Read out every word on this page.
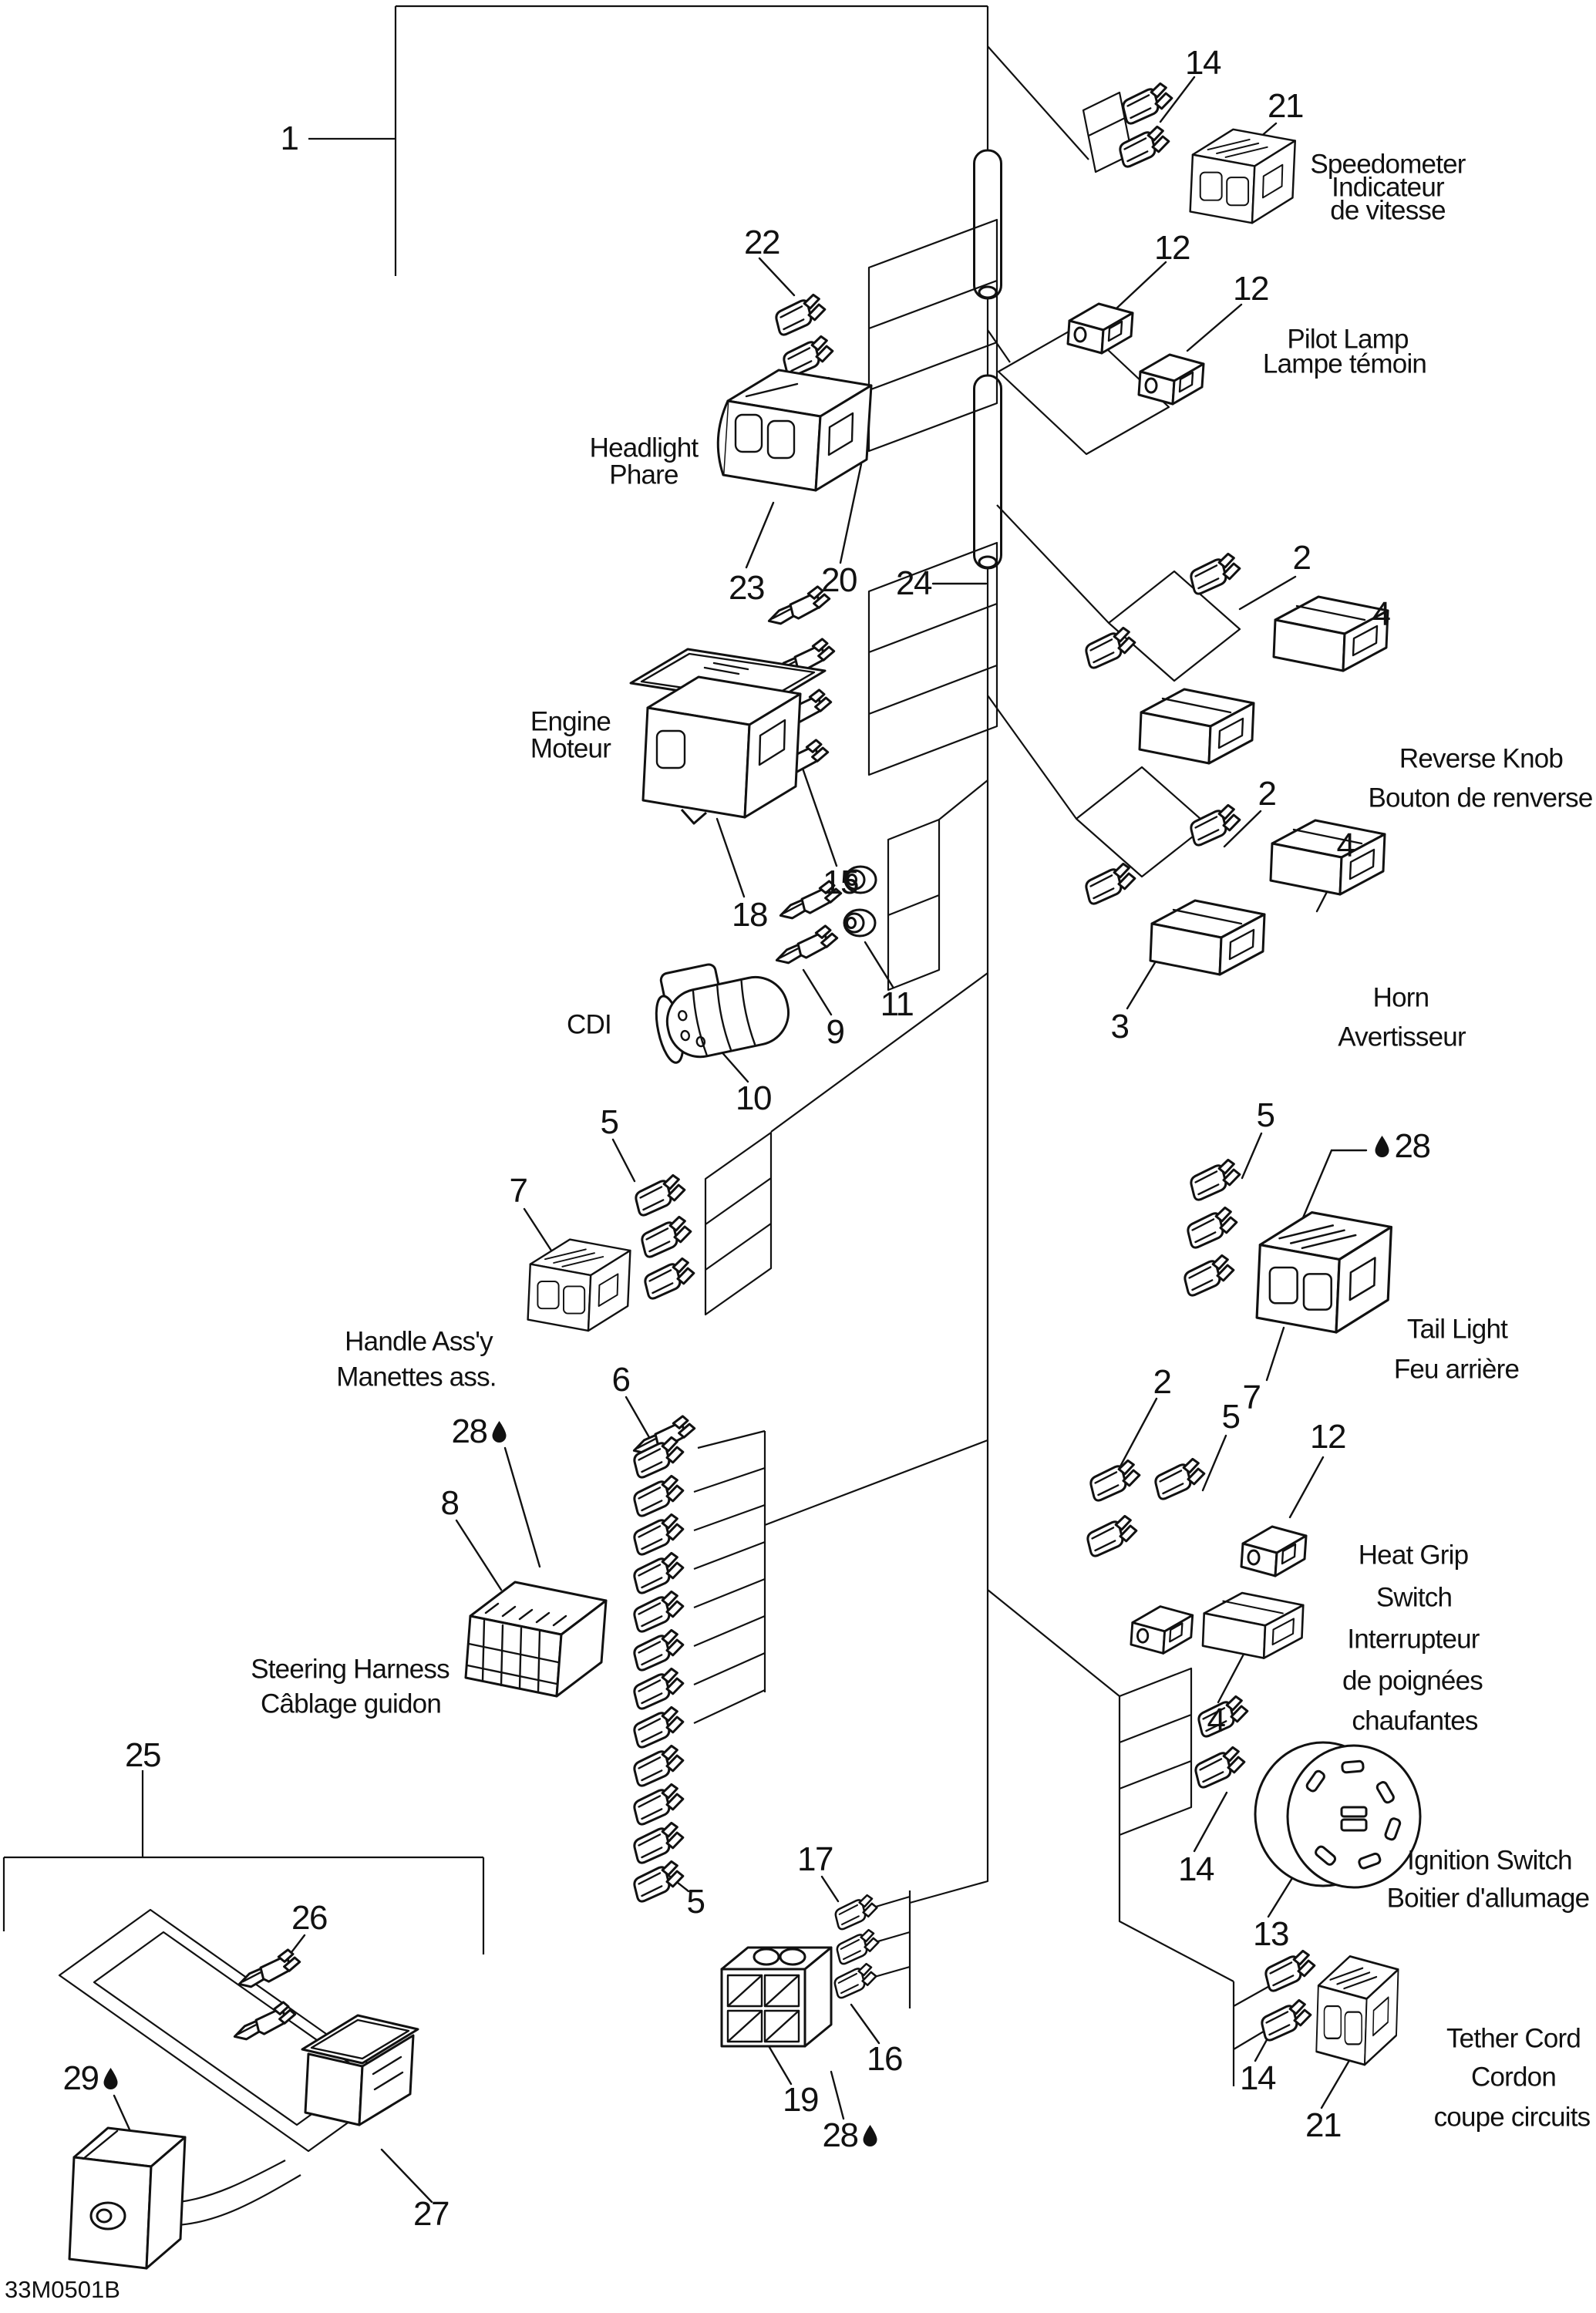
1
14
21
12
12
22
23 20 24
2
4
18
15
2
4
3
10
9
11
5
7
6
5
28
7
2
5
12
4
28
8
5
17
16
19
28
14
13
14
21
25
26
29
27
Speedometer
Indicateur
de vitesse
Pilot Lamp
Lampe témoin
Headlight
Phare
Engine
Moteur	Reverse Knob
Bouton de renverse
Horn
Avertisseur
CDI
Handle Ass'y
Manettes ass.
Tail Light
Feu arrière
Heat Grip
Switch
Interrupteur
de poignées
chaufantes
Steering Harness
Câblage guidon
Ignition Switch
Boitier d'allumage
Tether Cord
Cordon
coupe circuits
33M0501B
